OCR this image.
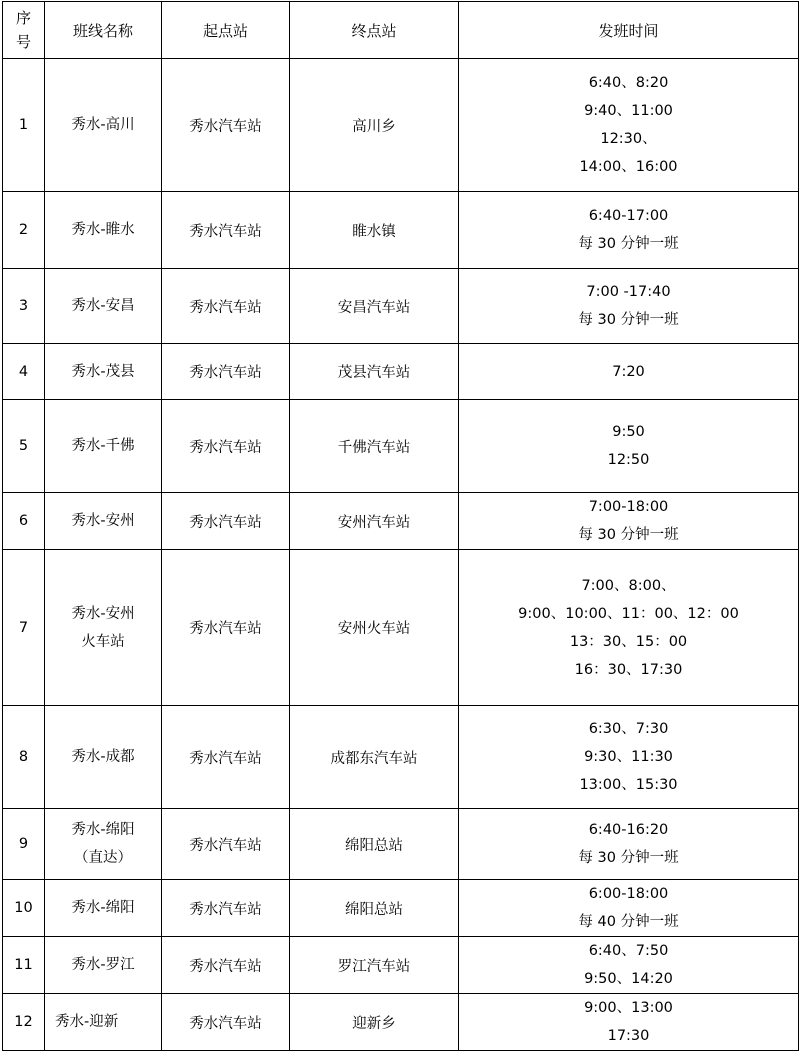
序
号	班线名称	起点站	终点站	发班时间
1	秀水-高川	秀水汽车站	高川乡	6:40、8:20
9:40、11:00
12:30、
14:00、16:00

2	秀水-睢水	秀水汽车站	睢水镇	6:40-17:00
每 30 分钟一班

3	秀水-安昌	秀水汽车站	安昌汽车站	7:00 -17:40
每 30 分钟一班

4	秀水-茂县	秀水汽车站	茂县汽车站	7:20

5	秀水-千佛	秀水汽车站	千佛汽车站	9:50
12:50

6	秀水-安州	秀水汽车站	安州汽车站	7:00-18:00
每 30 分钟一班

7	秀水-安州
火车站	秀水汽车站	安州火车站	7:00、8:00、
9:00、10:00、11：00、12：00
13：30、15：00
16：30、17:30

8	秀水-成都	秀水汽车站	成都东汽车站	6:30、7:30
9:30、11:30
13:00、15:30

9	秀水-绵阳
（直达）	秀水汽车站	绵阳总站	6:40-16:20
每 30 分钟一班

10	秀水-绵阳	秀水汽车站	绵阳总站	6:00-18:00
每 40 分钟一班

11	秀水-罗江	秀水汽车站	罗江汽车站	6:40、7:50
9:50、14:20

12	秀水-迎新	秀水汽车站	迎新乡	9:00、13:00
17:30
